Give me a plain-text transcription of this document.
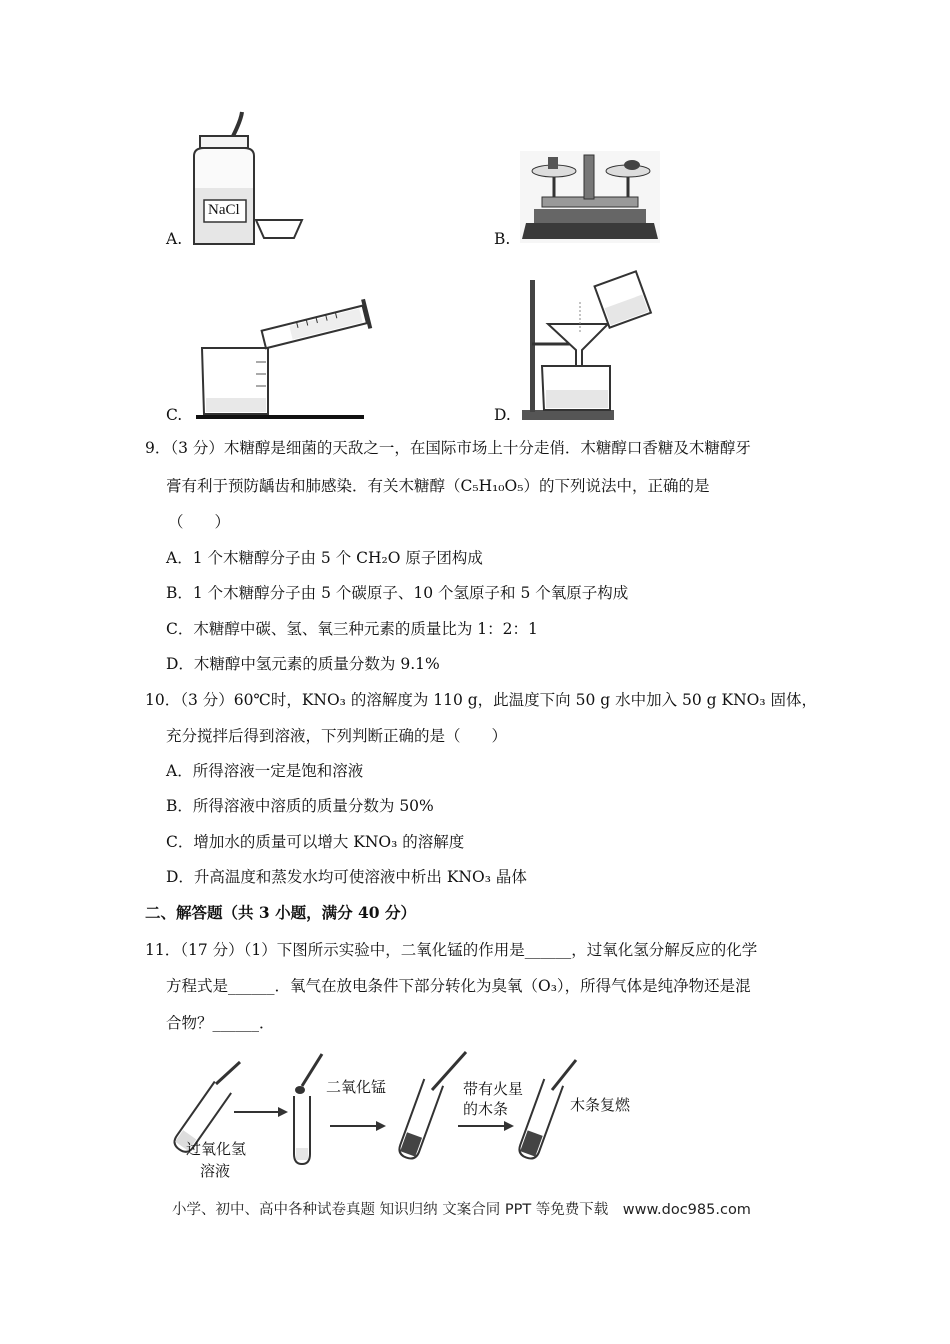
NaCl
A.	B.
C.	D.
9．（3 分）木糖醇是细菌的天敌之一，在国际市场上十分走俏．木糖醇口香糖及木糖醇牙
膏有利于预防龋齿和肺感染．有关木糖醇（C₅H₁₀O₅）的下列说法中，正确的是
（　　）
A．1 个木糖醇分子由 5 个 CH₂O 原子团构成
B．1 个木糖醇分子由 5 个碳原子、10 个氢原子和 5 个氧原子构成
C．木糖醇中碳、氢、氧三种元素的质量比为 1：2：1
D．木糖醇中氢元素的质量分数为 9.1%
10．（3 分）60℃时，KNO₃ 的溶解度为 110 g，此温度下向 50 g 水中加入 50 g KNO₃ 固体，
充分搅拌后得到溶液，下列判断正确的是（　　）
A．所得溶液一定是饱和溶液
B．所得溶液中溶质的质量分数为 50%
C．增加水的质量可以增大 KNO₃ 的溶解度
D．升高温度和蒸发水均可使溶液中析出 KNO₃ 晶体
二、解答题（共 3 小题，满分 40 分）
11．（17 分）（1）下图所示实验中，二氧化锰的作用是______，过氧化氢分解反应的化学
方程式是______．氧气在放电条件下部分转化为臭氧（O₃），所得气体是纯净物还是混
合物？______．
过氧化氢
溶液
二氧化锰	带有火星
的木条	木条复燃
小学、初中、高中各种试卷真题 知识归纳 文案合同 PPT 等免费下载　www.doc985.com
